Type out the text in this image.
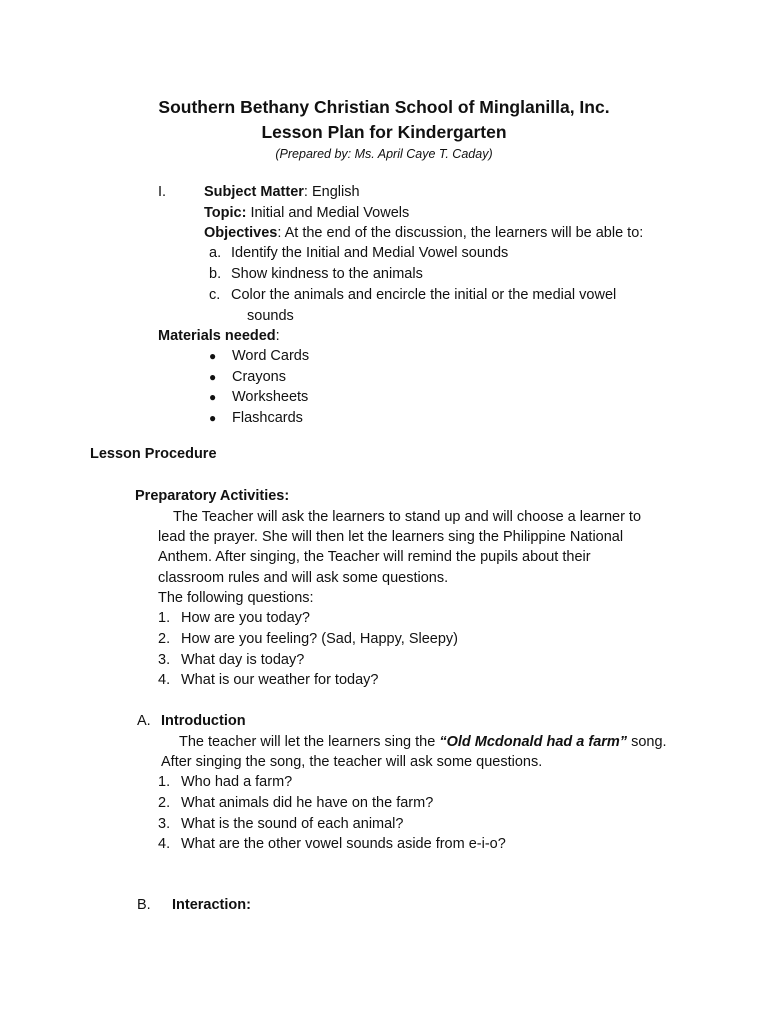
Southern Bethany Christian School of Minglanilla, Inc.
Lesson Plan for Kindergarten
(Prepared by: Ms. April Caye T. Caday)
I.	Subject Matter: English
Topic: Initial and Medial Vowels
Objectives: At the end of the discussion, the learners will be able to:
a. Identify the Initial and Medial Vowel sounds
b. Show kindness to the animals
c. Color the animals and encircle the initial or the medial vowel
sounds
Materials needed:
● Word Cards
● Crayons
● Worksheets
● Flashcards
Lesson Procedure
Preparatory Activities:
The Teacher will ask the learners to stand up and will choose a learner to
lead the prayer. She will then let the learners sing the Philippine National
Anthem. After singing, the Teacher will remind the pupils about their
classroom rules and will ask some questions.
The following questions:
1. How are you today?
2. How are you feeling? (Sad, Happy, Sleepy)
3. What day is today?
4. What is our weather for today?
A. Introduction
The teacher will let the learners sing the “Old Mcdonald had a farm” song.
After singing the song, the teacher will ask some questions.
1. Who had a farm?
2. What animals did he have on the farm?
3. What is the sound of each animal?
4. What are the other vowel sounds aside from e-i-o?
B. Interaction:
